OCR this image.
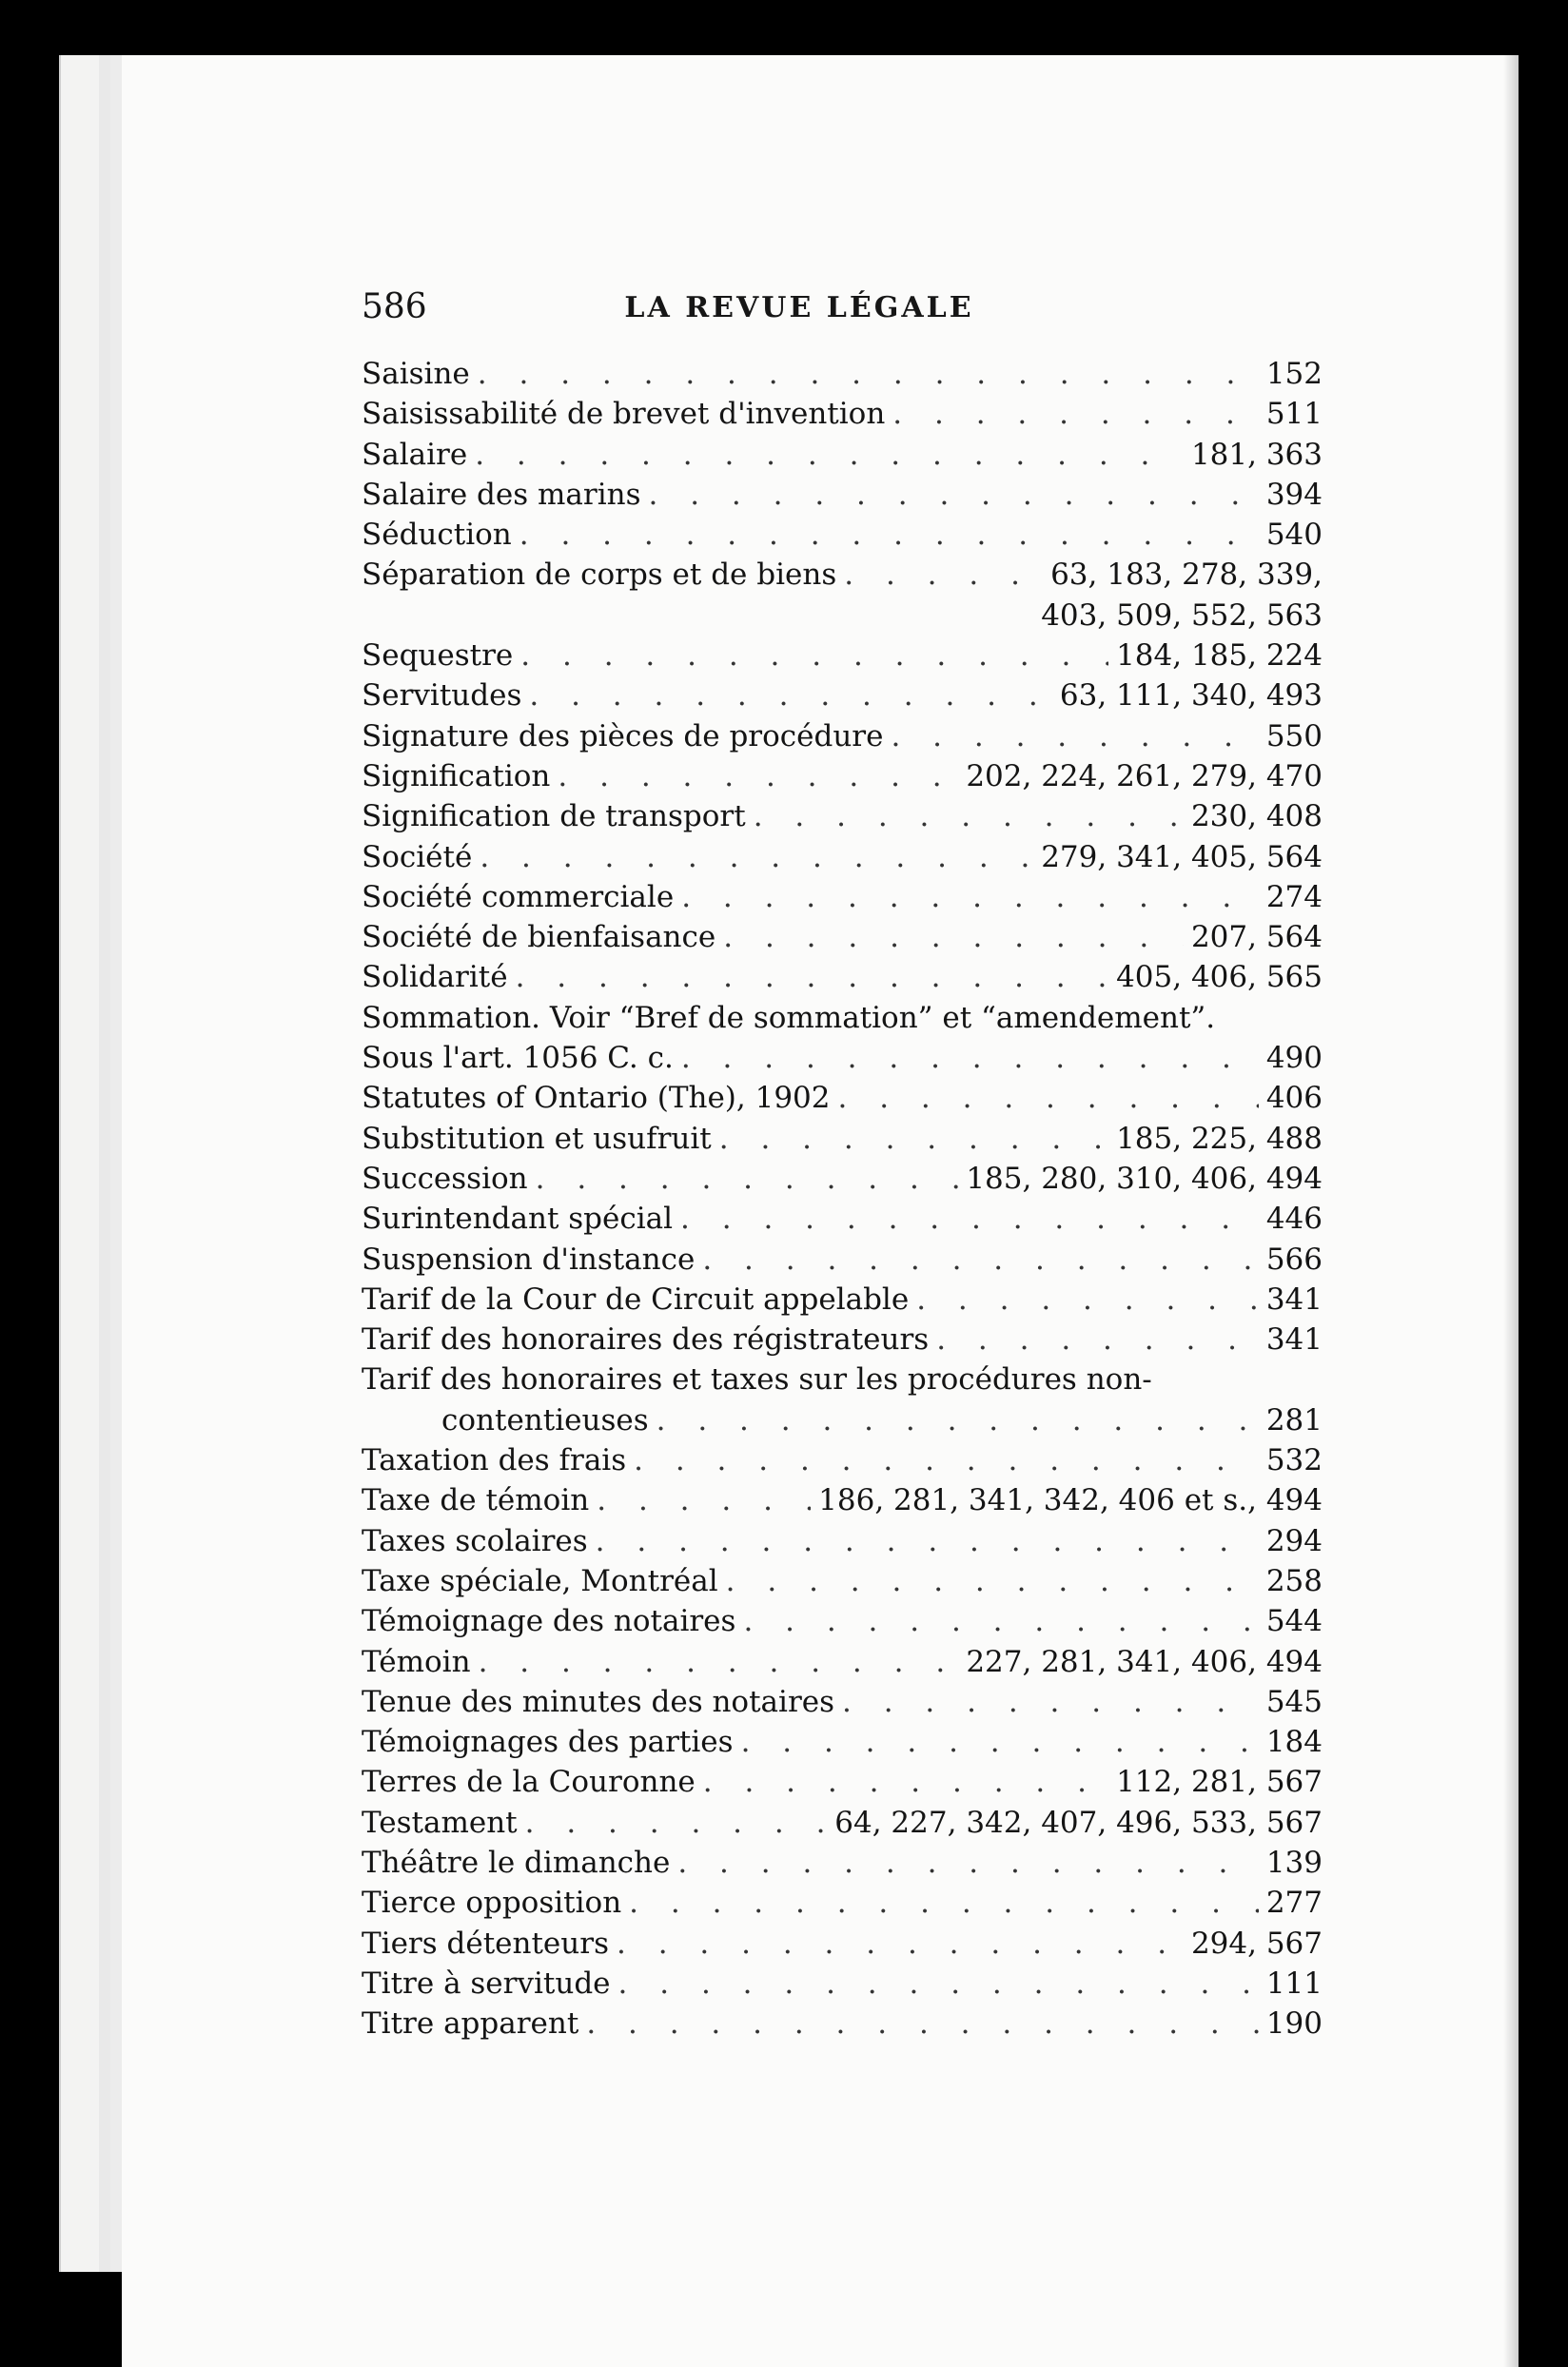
586	LA REVUE LÉGALE
Saisine . . .	152
Saisissabilité de brevet d'invention . . .	511
Salaire . . .	181, 363
Salaire des marins . . .	394
Séduction . . .	540
Séparation de corps et de biens . . .	63, 183, 278, 339,
403, 509, 552, 563
Sequestre . . .	184, 185, 224
Servitudes . . .	63, 111, 340, 493
Signature des pièces de procédure . . .	550
Signification . . .	202, 224, 261, 279, 470
Signification de transport . . .	230, 408
Société . . .	279, 341, 405, 564
Société commerciale . . .	274
Société de bienfaisance . . .	207, 564
Solidarité . . .	405, 406, 565
Sommation. Voir “Bref de sommation” et “amendement”.
Sous l'art. 1056 C. c. . . .	490
Statutes of Ontario (The), 1902 . . .	406
Substitution et usufruit . . .	185, 225, 488
Succession . . .	185, 280, 310, 406, 494
Surintendant spécial . . .	446
Suspension d'instance . . .	566
Tarif de la Cour de Circuit appelable . . .	341
Tarif des honoraires des régistrateurs . . .	341
Tarif des honoraires et taxes sur les procédures non-
contentieuses . . .	281
Taxation des frais . . .	532
Taxe de témoin . . .	186, 281, 341, 342, 406 et s., 494
Taxes scolaires . . .	294
Taxe spéciale, Montréal . . .	258
Témoignage des notaires . . .	544
Témoin . . .	227, 281, 341, 406, 494
Tenue des minutes des notaires . . .	545
Témoignages des parties . . .	184
Terres de la Couronne . . .	112, 281, 567
Testament . . .	64, 227, 342, 407, 496, 533, 567
Théâtre le dimanche . . .	139
Tierce opposition . . .	277
Tiers détenteurs . . .	294, 567
Titre à servitude . . .	111
Titre apparent . . .	190
